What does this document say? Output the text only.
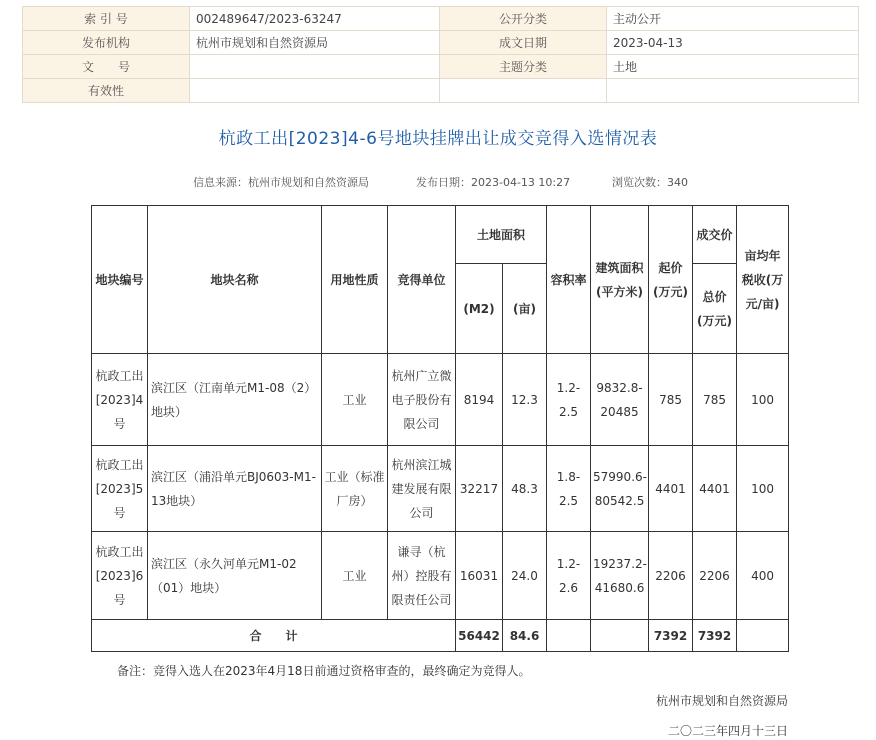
索 引 号	002489647/2023-63247	公开分类	主动公开
发布机构	杭州市规划和自然资源局	成文日期	2023-04-13
文　　号		主题分类	土地
有效性			
杭政工出[2023]4-6号地块挂牌出让成交竞得入选情况表
信息来源：杭州市规划和自然资源局	发布日期：2023-04-13 10:27	浏览次数：340
地块编号	地块名称	用地性质	竞得单位	土地面积		容积率	建筑面积(平方米)	起价(万元)	成交价	亩均年税收(万元/亩)
				(M2)	(亩)				总价(万元)	
杭政工出[2023]4号	滨江区（江南单元M1-08（2）地块）	工业	杭州广立微电子股份有限公司	8194	12.3	1.2-2.5	9832.8-20485	785	785	100
杭政工出[2023]5号	滨江区（浦沿单元BJ0603-M1-13地块）	工业（标准厂房）	杭州滨江城建发展有限公司	32217	48.3	1.8-2.5	57990.6-80542.5	4401	4401	100
杭政工出[2023]6号	滨江区（永久河单元M1-02（01）地块）	工业	谦寻（杭州）控股有限责任公司	16031	24.0	1.2-2.6	19237.2-41680.6	2206	2206	400
合　　计				56442	84.6			7392	7392	
备注：竞得入选人在2023年4月18日前通过资格审查的，最终确定为竞得人。
杭州市规划和自然资源局
二〇二三年四月十三日
